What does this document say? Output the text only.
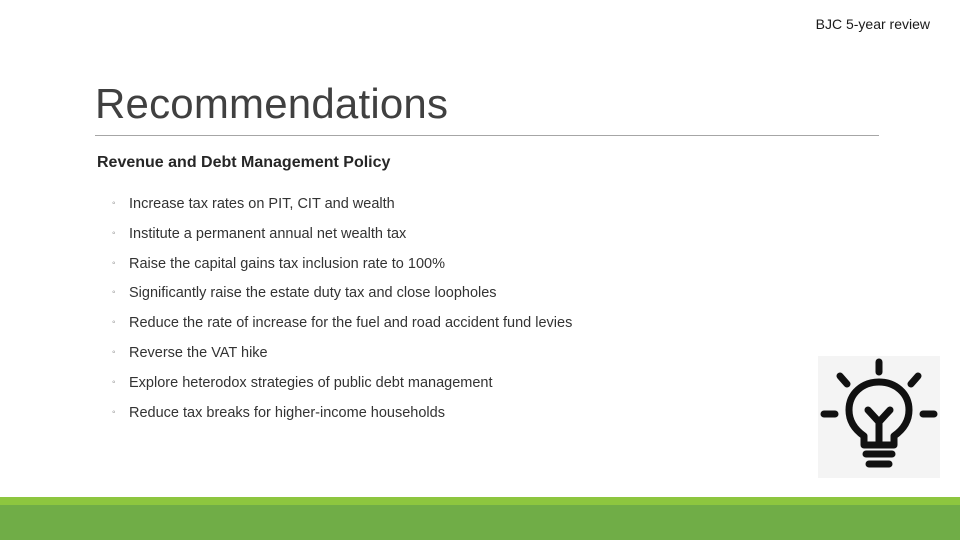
BJC 5-year review
Recommendations
Revenue and Debt Management Policy
◦ Increase tax rates on PIT, CIT and wealth
◦ Institute a permanent annual net wealth tax
◦ Raise the capital gains tax inclusion rate to 100%
◦ Significantly raise the estate duty tax and close loopholes
◦ Reduce the rate of increase for the fuel and road accident fund levies
◦ Reverse the VAT hike
◦ Explore heterodox strategies of public debt management
◦ Reduce tax breaks for higher-income households
